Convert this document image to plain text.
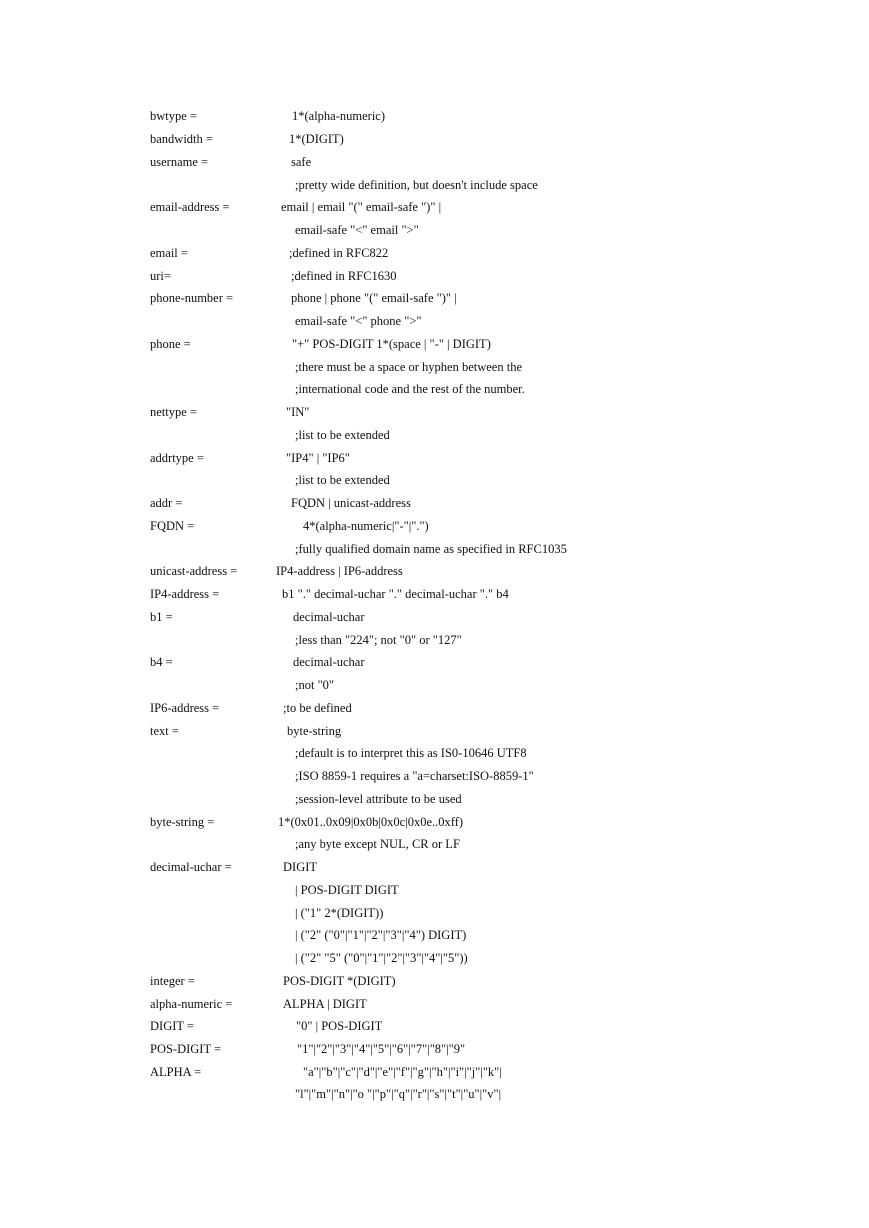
bwtype =	1*(alpha-numeric)
bandwidth =	1*(DIGIT)
username =	safe
;pretty wide definition, but doesn't include space
email-address =	email | email "(" email-safe ")" |
email-safe "<" email ">"
email =	;defined in RFC822
uri=	;defined in RFC1630
phone-number =	phone | phone "(" email-safe ")" |
email-safe "<" phone ">"
phone =	"+" POS-DIGIT 1*(space | "-" | DIGIT)
;there must be a space or hyphen between the
;international code and the rest of the number.
nettype =	"IN"
;list to be extended
addrtype =	"IP4" | "IP6"
;list to be extended
addr =	FQDN | unicast-address
FQDN =	4*(alpha-numeric|"-"|".")
;fully qualified domain name as specified in RFC1035
unicast-address =	IP4-address | IP6-address
IP4-address =	b1 "." decimal-uchar "." decimal-uchar "." b4
b1 =	decimal-uchar
;less than "224"; not "0" or "127"
b4 =	decimal-uchar
;not "0"
IP6-address =	;to be defined
text =	byte-string
;default is to interpret this as IS0-10646 UTF8
;ISO 8859-1 requires a "a=charset:ISO-8859-1"
;session-level attribute to be used
byte-string =	1*(0x01..0x09|0x0b|0x0c|0x0e..0xff)
;any byte except NUL, CR or LF
decimal-uchar =	DIGIT
| POS-DIGIT DIGIT
| ("1" 2*(DIGIT))
| ("2" ("0"|"1"|"2"|"3"|"4") DIGIT)
| ("2" "5" ("0"|"1"|"2"|"3"|"4"|"5"))
integer =	POS-DIGIT *(DIGIT)
alpha-numeric =	ALPHA | DIGIT
DIGIT =	"0" | POS-DIGIT
POS-DIGIT =	"1"|"2"|"3"|"4"|"5"|"6"|"7"|"8"|"9"
ALPHA =	"a"|"b"|"c"|"d"|"e"|"f"|"g"|"h"|"i"|"j"|"k"|
"l"|"m"|"n"|"o "|"p"|"q"|"r"|"s"|"t"|"u"|"v"|
